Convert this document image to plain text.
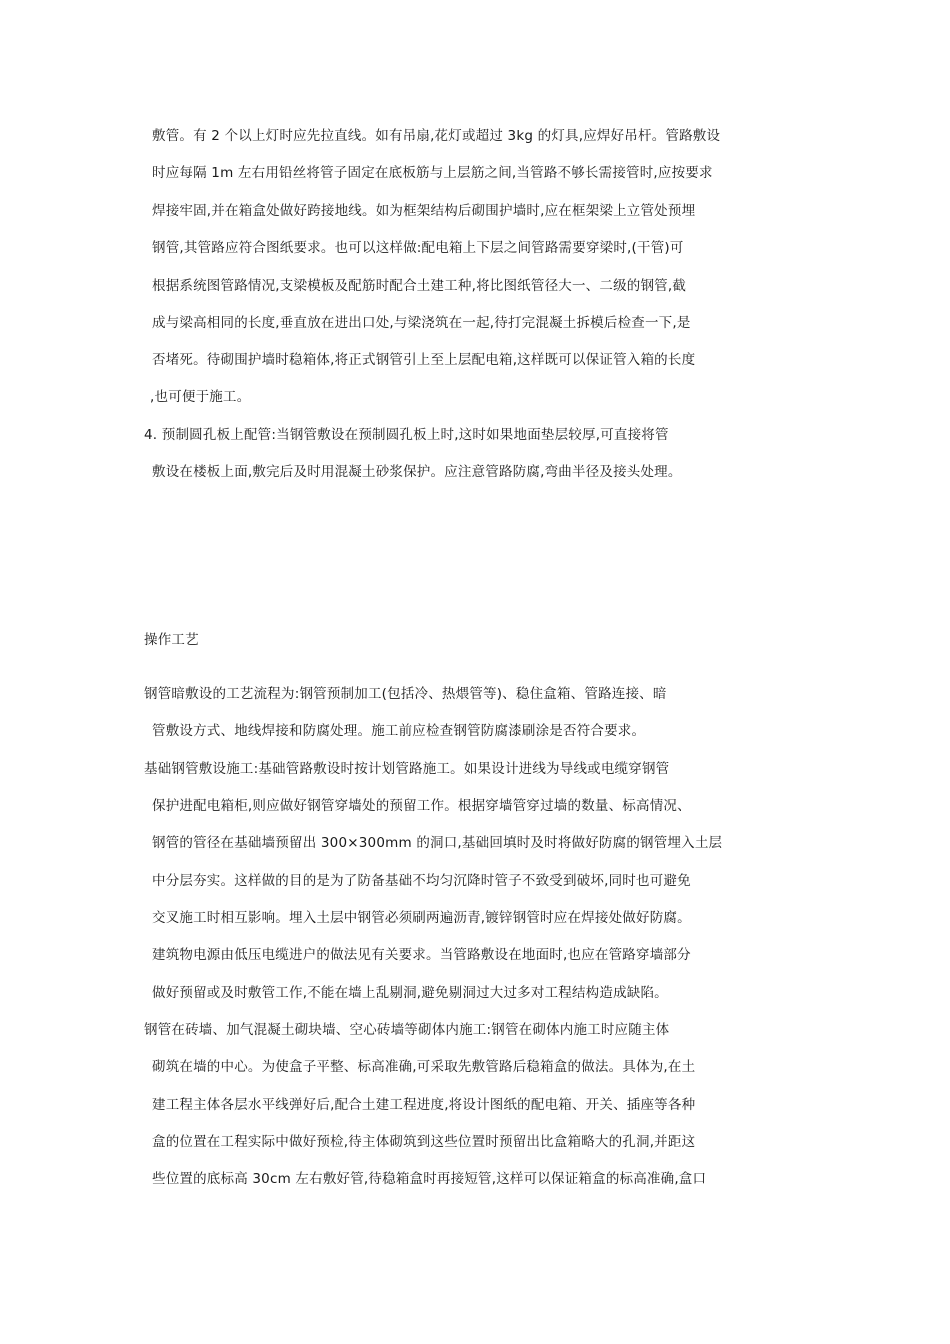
敷管。有 2 个以上灯时应先拉直线。如有吊扇,花灯或超过 3kg 的灯具,应焊好吊杆。管路敷设
时应每隔 1m 左右用铅丝将管子固定在底板筋与上层筋之间,当管路不够长需接管时,应按要求
焊接牢固,并在箱盒处做好跨接地线。如为框架结构后砌围护墙时,应在框架梁上立管处预埋
钢管,其管路应符合图纸要求。也可以这样做:配电箱上下层之间管路需要穿梁时,(干管)可
根据系统图管路情况,支梁模板及配筋时配合土建工种,将比图纸管径大一、二级的钢管,截
成与梁高相同的长度,垂直放在进出口处,与梁浇筑在一起,待打完混凝土拆模后检查一下,是
否堵死。待砌围护墙时稳箱体,将正式钢管引上至上层配电箱,这样既可以保证管入箱的长度
,也可便于施工。
4. 预制圆孔板上配管:当钢管敷设在预制圆孔板上时,这时如果地面垫层较厚,可直接将管
敷设在楼板上面,敷完后及时用混凝土砂浆保护。应注意管路防腐,弯曲半径及接头处理。
操作工艺
钢管暗敷设的工艺流程为:钢管预制加工(包括冷、热煨管等)、稳住盒箱、管路连接、暗
管敷设方式、地线焊接和防腐处理。施工前应检查钢管防腐漆刷涂是否符合要求。
基础钢管敷设施工:基础管路敷设时按计划管路施工。如果设计进线为导线或电缆穿钢管
保护进配电箱柜,则应做好钢管穿墙处的预留工作。根据穿墙管穿过墙的数量、标高情况、
钢管的管径在基础墙预留出 300×300mm 的洞口,基础回填时及时将做好防腐的钢管埋入土层
中分层夯实。这样做的目的是为了防备基础不均匀沉降时管子不致受到破坏,同时也可避免
交叉施工时相互影响。埋入土层中钢管必须刷两遍沥青,镀锌钢管时应在焊接处做好防腐。
建筑物电源由低压电缆进户的做法见有关要求。当管路敷设在地面时,也应在管路穿墙部分
做好预留或及时敷管工作,不能在墙上乱剔洞,避免剔洞过大过多对工程结构造成缺陷。
钢管在砖墙、加气混凝土砌块墙、空心砖墙等砌体内施工:钢管在砌体内施工时应随主体
砌筑在墙的中心。为使盒子平整、标高准确,可采取先敷管路后稳箱盒的做法。具体为,在土
建工程主体各层水平线弹好后,配合土建工程进度,将设计图纸的配电箱、开关、插座等各种
盒的位置在工程实际中做好预检,待主体砌筑到这些位置时预留出比盒箱略大的孔洞,并距这
些位置的底标高 30cm 左右敷好管,待稳箱盒时再接短管,这样可以保证箱盒的标高准确,盒口
